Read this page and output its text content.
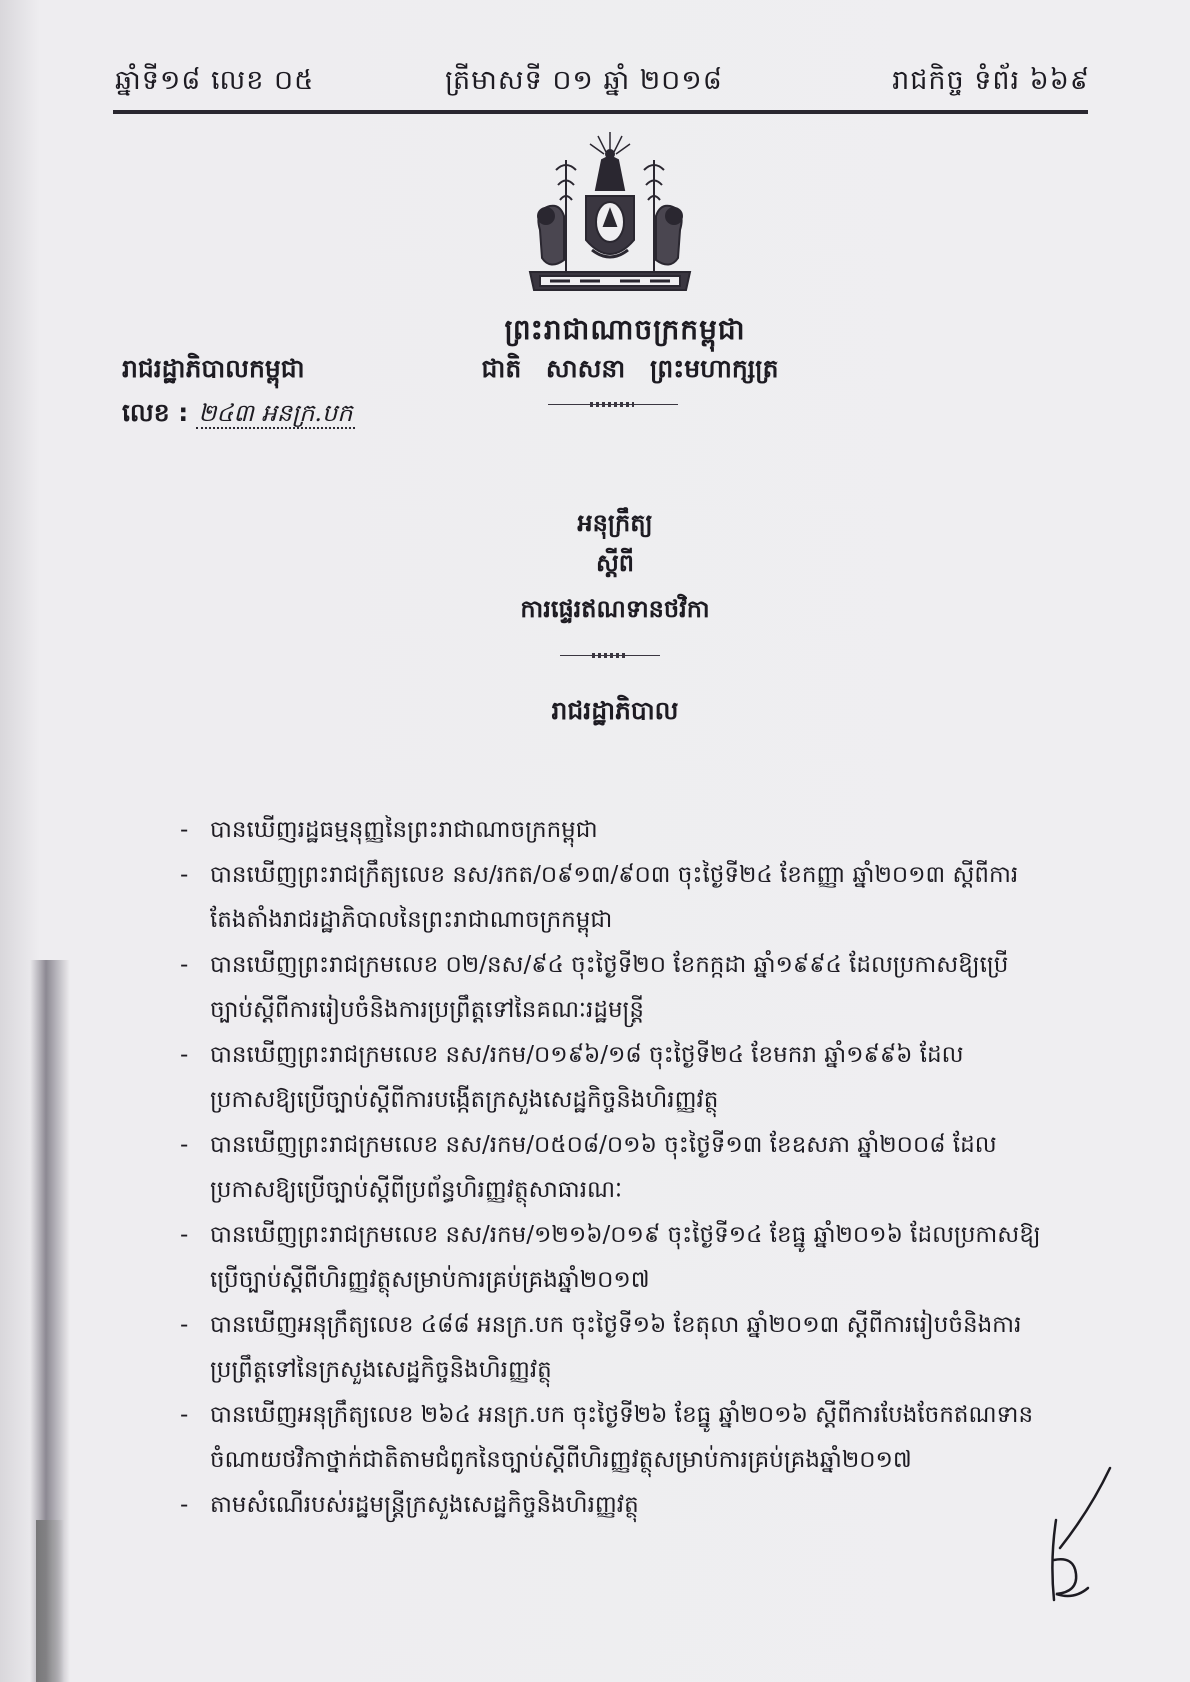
ឆ្នាំទី១៨ លេខ ០៥	ត្រីមាសទី ០១ ឆ្នាំ ២០១៨	រាជកិច្ច ទំព័រ ៦៦៩
ព្រះរាជាណាចក្រកម្ពុជា
ជាតិ សាសនា ព្រះមហាក្សត្រ
រាជរដ្ឋាភិបាលកម្ពុជា
លេខ : ២៤៣ អនក្រ.បក
អនុក្រឹត្យ
ស្តីពី
ការផ្ទេរឥណទានថវិកា
រាជរដ្ឋាភិបាល
- បានឃើញរដ្ឋធម្មនុញ្ញនៃព្រះរាជាណាចក្រកម្ពុជា
- បានឃើញព្រះរាជក្រឹត្យលេខ នស/រកត/០៩១៣/៩០៣ ចុះថ្ងៃទី២៤ ខែកញ្ញា ឆ្នាំ២០១៣ ស្តីពីការតែងតាំងរាជរដ្ឋាភិបាលនៃព្រះរាជាណាចក្រកម្ពុជា
- បានឃើញព្រះរាជក្រមលេខ ០២/នស/៩៤ ចុះថ្ងៃទី២០ ខែកក្កដា ឆ្នាំ១៩៩៤ ដែលប្រកាសឱ្យប្រើច្បាប់ស្តីពីការរៀបចំនិងការប្រព្រឹត្តទៅនៃគណៈរដ្ឋមន្ត្រី
- បានឃើញព្រះរាជក្រមលេខ នស/រកម/០១៩៦/១៨ ចុះថ្ងៃទី២៤ ខែមករា ឆ្នាំ១៩៩៦ ដែលប្រកាសឱ្យប្រើច្បាប់ស្តីពីការបង្កើតក្រសួងសេដ្ឋកិច្ចនិងហិរញ្ញវត្ថុ
- បានឃើញព្រះរាជក្រមលេខ នស/រកម/០៥០៨/០១៦ ចុះថ្ងៃទី១៣ ខែឧសភា ឆ្នាំ២០០៨ ដែលប្រកាសឱ្យប្រើច្បាប់ស្តីពីប្រព័ន្ធហិរញ្ញវត្ថុសាធារណៈ
- បានឃើញព្រះរាជក្រមលេខ នស/រកម/១២១៦/០១៩ ចុះថ្ងៃទី១៤ ខែធ្នូ ឆ្នាំ២០១៦ ដែលប្រកាសឱ្យប្រើច្បាប់ស្តីពីហិរញ្ញវត្ថុសម្រាប់ការគ្រប់គ្រងឆ្នាំ២០១៧
- បានឃើញអនុក្រឹត្យលេខ ៤៨៨ អនក្រ.បក ចុះថ្ងៃទី១៦ ខែតុលា ឆ្នាំ២០១៣ ស្តីពីការរៀបចំនិងការប្រព្រឹត្តទៅនៃក្រសួងសេដ្ឋកិច្ចនិងហិរញ្ញវត្ថុ
- បានឃើញអនុក្រឹត្យលេខ ២៦៤ អនក្រ.បក ចុះថ្ងៃទី២៦ ខែធ្នូ ឆ្នាំ២០១៦ ស្តីពីការបែងចែកឥណទានចំណាយថវិកាថ្នាក់ជាតិតាមជំពូកនៃច្បាប់ស្តីពីហិរញ្ញវត្ថុសម្រាប់ការគ្រប់គ្រងឆ្នាំ២០១៧
- តាមសំណើរបស់រដ្ឋមន្ត្រីក្រសួងសេដ្ឋកិច្ចនិងហិរញ្ញវត្ថុ
